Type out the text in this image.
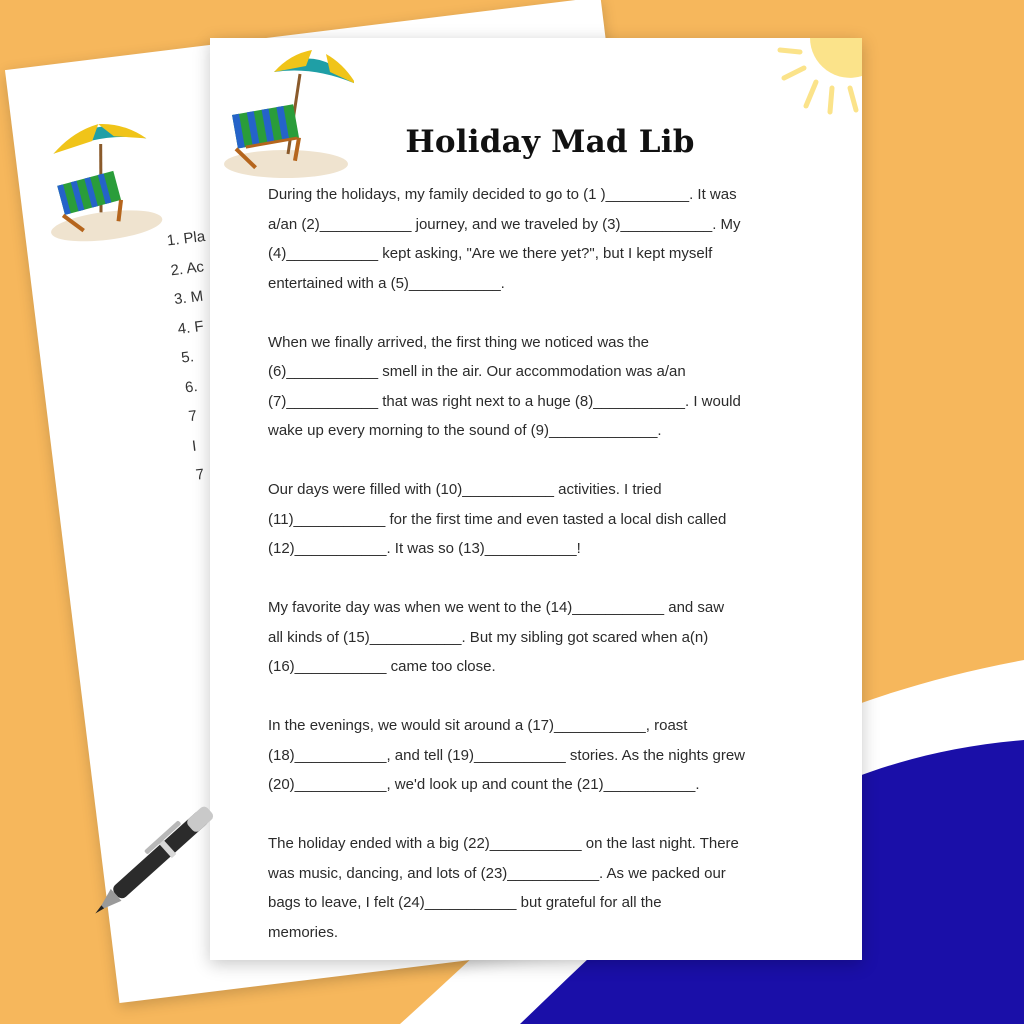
1. Pla
2. Ac
3. M
4. F
5.
6.
7
I
7
Holiday Mad Lib

During the holidays, my family decided to go to (1 )__________. It was
a/an (2)___________ journey, and we traveled by (3)___________. My
(4)___________ kept asking, "Are we there yet?", but I kept myself
entertained with a (5)___________.

When we finally arrived, the first thing we noticed was the
(6)___________ smell in the air. Our accommodation was a/an
(7)___________ that was right next to a huge (8)___________. I would
wake up every morning to the sound of (9)_____________.

Our days were filled with (10)___________ activities. I tried
(11)___________ for the first time and even tasted a local dish called
(12)___________. It was so (13)___________!

My favorite day was when we went to the (14)___________ and saw
all kinds of (15)___________. But my sibling got scared when a(n)
(16)___________ came too close.

In the evenings, we would sit around a (17)___________, roast
(18)___________, and tell (19)___________ stories. As the nights grew
(20)___________, we'd look up and count the (21)___________.

The holiday ended with a big (22)___________ on the last night. There
was music, dancing, and lots of (23)___________. As we packed our
bags to leave, I felt (24)___________ but grateful for all the
memories.
